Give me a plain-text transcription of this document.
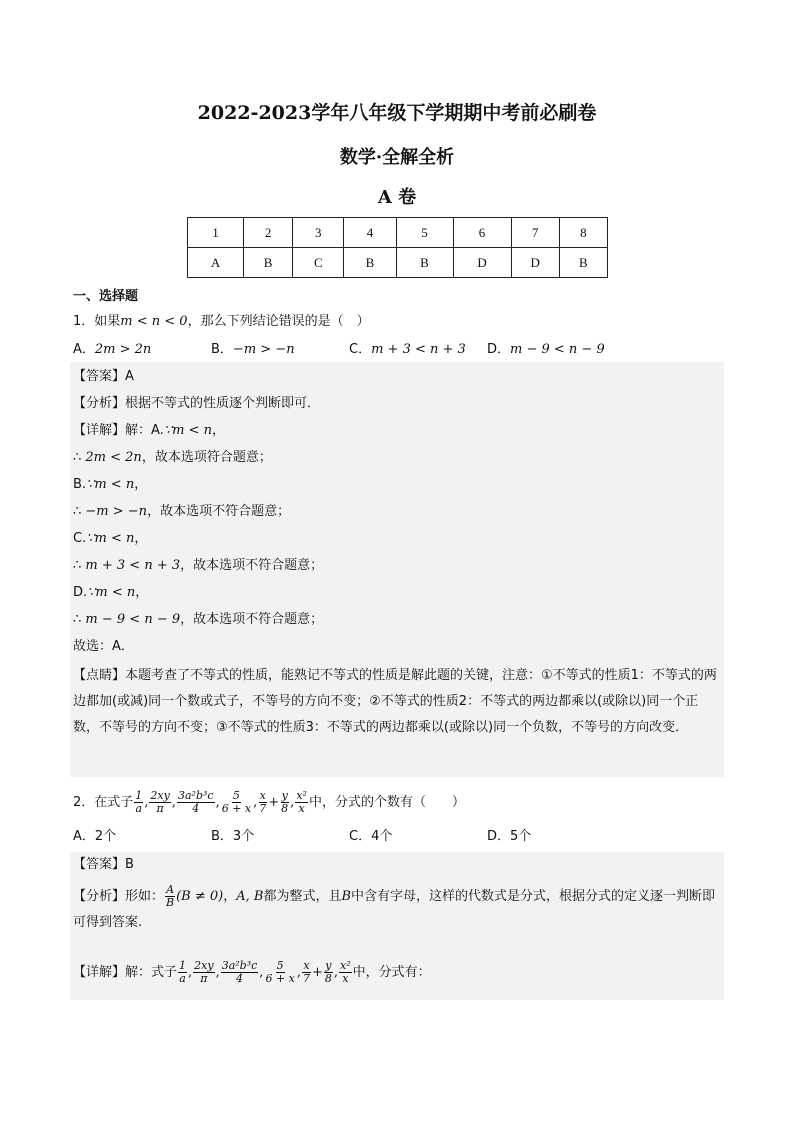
2022-2023学年八年级下学期期中考前必刷卷
数学·全解全析
A 卷
1	2	3	4	5	6	7	8
A	B	C	B	B	D	D	B
一、选择题
1．如果m < n < 0，那么下列结论错误的是（　）
A．2m > 2n	B．−m > −n	C．m + 3 < n + 3 D．m − 9 < n − 9
【答案】A
【分析】根据不等式的性质逐个判断即可．
【详解】解：A.∵m < n，
∴ 2m < 2n，故本选项符合题意；
B.∵m < n，
∴ −m > −n，故本选项不符合题意；
C.∵m < n，
∴ m + 3 < n + 3，故本选项不符合题意；
D.∵m < n，
∴ m − 9 < n − 9，故本选项不符合题意；
故选：A．
【点睛】本题考查了不等式的性质，能熟记不等式的性质是解此题的关键，注意：①不等式的性质1：不等式的两边都加(或减)同一个数或式子，不等号的方向不变；②不等式的性质2：不等式的两边都乘以(或除以)同一个正数，不等号的方向不变；③不等式的性质3：不等式的两边都乘以(或除以)同一个负数，不等号的方向改变．
2．在式子 $\frac{1}{a}$ , $\frac{2xy}{\pi}$ , $\frac{\text{3a²b³c}}{4}$ , $\frac{5}{6 + x}$ , $\frac{x}{7} + \frac{y}{8}$ , $\frac{\text{x²}}{x}$ 中，分式的个数有（　　）
A．2个	B．3个	C．4个	D．5个
【答案】B
【分析】形如： $\frac{A}{B} (B \ne 0)$，A, B都为整式，且B中含有字母，这样的代数式是分式，根据分式的定义逐一判断即可得到答案.
【详解】解：式子 $\frac{1}{a}$ , $\frac{2xy}{\pi}$ , $\frac{\text{3a²b³c}}{4}$ , $\frac{5}{6 + x}$ , $\frac{x}{7} + \frac{y}{8}$ , $\frac{\text{x²}}{x}$ 中，分式有：
